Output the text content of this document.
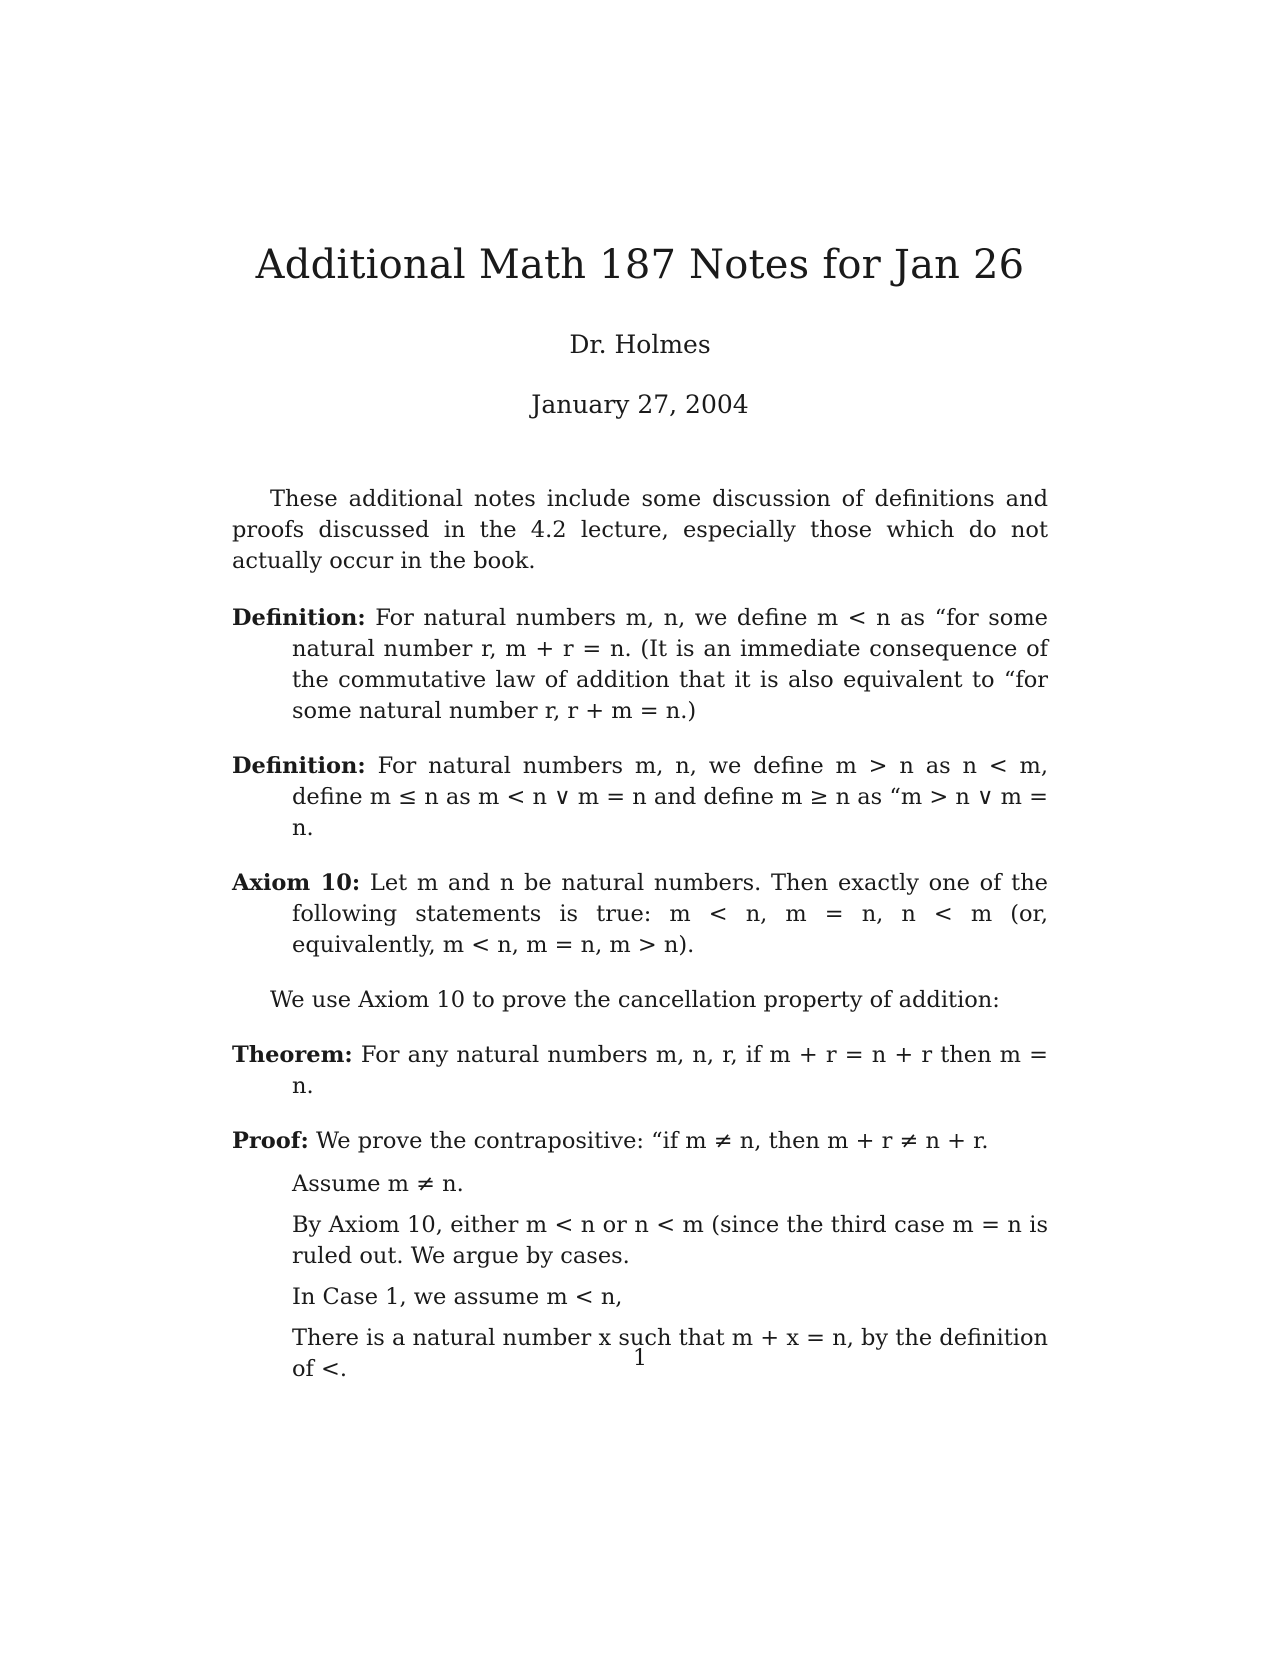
Additional Math 187 Notes for Jan 26
Dr. Holmes
January 27, 2004

These additional notes include some discussion of definitions and proofs discussed in the 4.2 lecture, especially those which do not actually occur in the book.

Definition: For natural numbers m, n, we define m < n as “for some natural number r, m + r = n. (It is an immediate consequence of the commutative law of addition that it is also equivalent to “for some natural number r, r + m = n.)

Definition: For natural numbers m, n, we define m > n as n < m, define m ≤ n as m < n ∨ m = n and define m ≥ n as “m > n ∨ m = n.

Axiom 10: Let m and n be natural numbers. Then exactly one of the following statements is true: m < n, m = n, n < m (or, equivalently, m < n, m = n, m > n).

We use Axiom 10 to prove the cancellation property of addition:

Theorem: For any natural numbers m, n, r, if m + r = n + r then m = n.

Proof: We prove the contrapositive: “if m ≠ n, then m + r ≠ n + r.

Assume m ≠ n.

By Axiom 10, either m < n or n < m (since the third case m = n is ruled out. We argue by cases.

In Case 1, we assume m < n,

There is a natural number x such that m + x = n, by the definition of <.	1
